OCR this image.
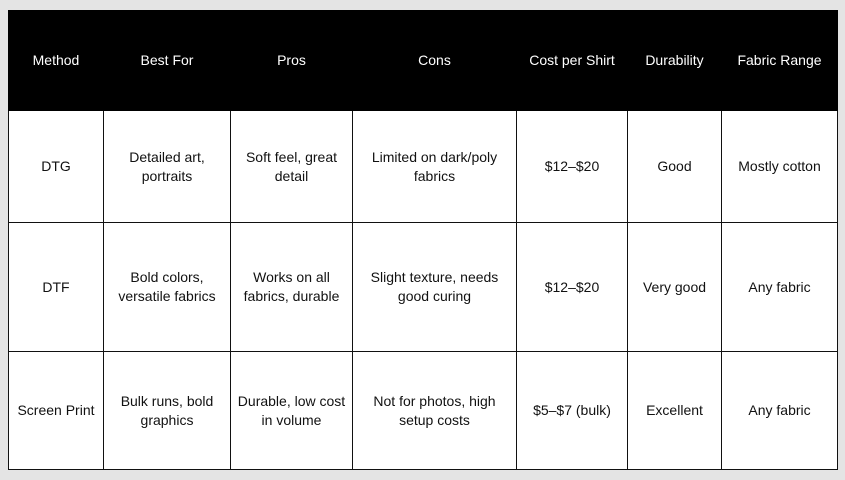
Method	Best For	Pros	Cons	Cost per Shirt	Durability	Fabric Range
DTG	Detailed art, portraits	Soft feel, great detail	Limited on dark/poly fabrics	$12–$20	Good	Mostly cotton
DTF	Bold colors, versatile fabrics	Works on all fabrics, durable	Slight texture, needs good curing	$12–$20	Very good	Any fabric
Screen Print	Bulk runs, bold graphics	Durable, low cost in volume	Not for photos, high setup costs	$5–$7 (bulk)	Excellent	Any fabric
